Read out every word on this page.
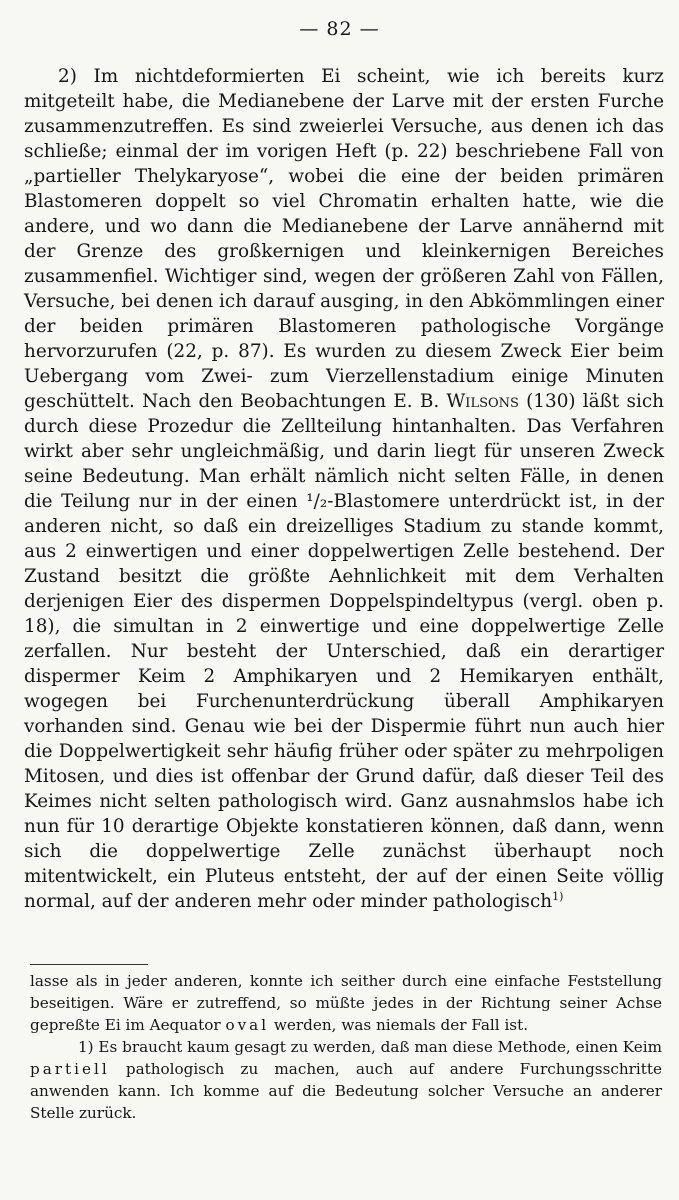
— 82 —

2) Im nichtdeformierten Ei scheint, wie ich bereits kurz mitgeteilt habe, die Medianebene der Larve mit der ersten Furche zusammenzutreffen. Es sind zweierlei Versuche, aus denen ich das schließe; einmal der im vorigen Heft (p. 22) beschriebene Fall von „partieller Thelykaryose“, wobei die eine der beiden primären Blastomeren doppelt so viel Chromatin erhalten hatte, wie die andere, und wo dann die Medianebene der Larve annähernd mit der Grenze des großkernigen und kleinkernigen Bereiches zusammenfiel. Wichtiger sind, wegen der größeren Zahl von Fällen, Versuche, bei denen ich darauf ausging, in den Abkömmlingen einer der beiden primären Blastomeren pathologische Vorgänge hervorzurufen (22, p. 87). Es wurden zu diesem Zweck Eier beim Uebergang vom Zwei- zum Vierzellenstadium einige Minuten geschüttelt. Nach den Beobachtungen E. B. Wilsons (130) läßt sich durch diese Prozedur die Zellteilung hintanhalten. Das Verfahren wirkt aber sehr ungleichmäßig, und darin liegt für unseren Zweck seine Bedeutung. Man erhält nämlich nicht selten Fälle, in denen die Teilung nur in der einen ¹/₂-Blastomere unterdrückt ist, in der anderen nicht, so daß ein dreizelliges Stadium zu stande kommt, aus 2 einwertigen und einer doppelwertigen Zelle bestehend. Der Zustand besitzt die größte Aehnlichkeit mit dem Verhalten derjenigen Eier des dispermen Doppelspindeltypus (vergl. oben p. 18), die simultan in 2 einwertige und eine doppelwertige Zelle zerfallen. Nur besteht der Unterschied, daß ein derartiger dispermer Keim 2 Amphikaryen und 2 Hemikaryen enthält, wogegen bei Furchenunterdrückung überall Amphikaryen vorhanden sind. Genau wie bei der Dispermie führt nun auch hier die Doppelwertigkeit sehr häufig früher oder später zu mehrpoligen Mitosen, und dies ist offenbar der Grund dafür, daß dieser Teil des Keimes nicht selten pathologisch wird. Ganz ausnahmslos habe ich nun für 10 derartige Objekte konstatieren können, daß dann, wenn sich die doppelwertige Zelle zunächst überhaupt noch mitentwickelt, ein Pluteus entsteht, der auf der einen Seite völlig normal, auf der anderen mehr oder minder pathologisch$^{1)}$

lasse als in jeder anderen, konnte ich seither durch eine einfache Feststellung beseitigen. Wäre er zutreffend, so müßte jedes in der Richtung seiner Achse gepreßte Ei im Aequator oval werden, was niemals der Fall ist.

1) Es braucht kaum gesagt zu werden, daß man diese Methode, einen Keim partiell pathologisch zu machen, auch auf andere Furchungsschritte anwenden kann. Ich komme auf die Bedeutung solcher Versuche an anderer Stelle zurück.
